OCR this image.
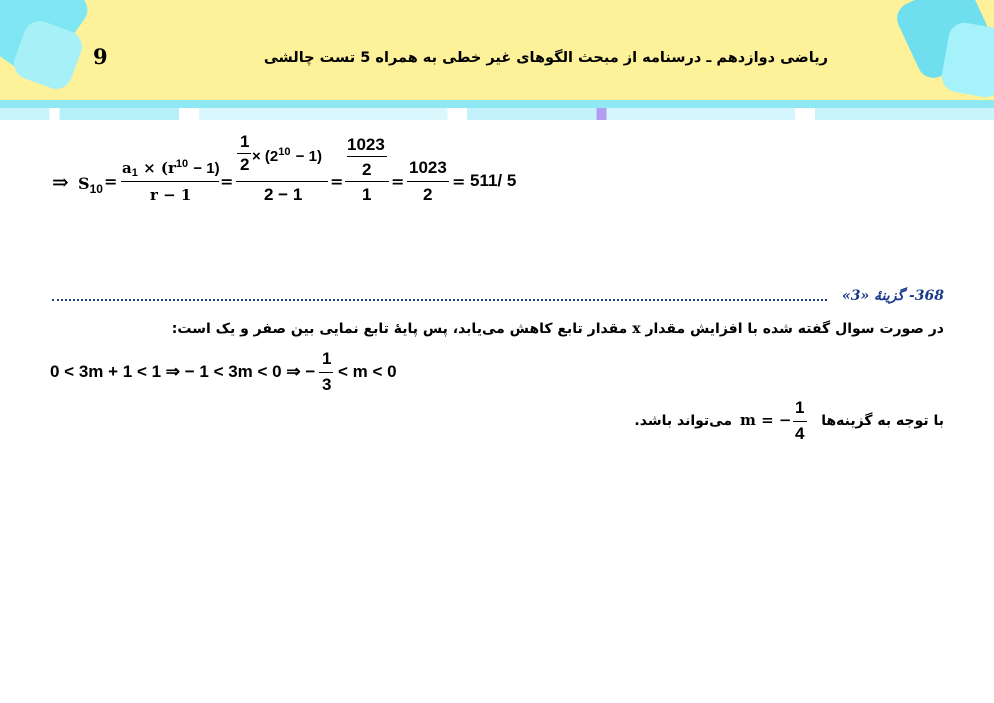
9	ریاضی دوازدهم ـ درسنامه از مبحث الگوهای غیر خطی به همراه 5 تست چالشی
⇒ $S_{10}$ =
$a_1 \times (r^{10} - 1)$
r − 1
=
1
$2 \times (2^{10} - 1)$
2 − 1
=
1023
2
1
=
1023
2
= 511/ 5
368- گزینهٔ «3»
در صورت سوال گفته شده با افزایش مقدار x مقدار تابع کاهش می‌یابد، پس پایهٔ تابع نمایی بین صفر و یک است:
0 < 3m + 1 < 1 ⇒ − 1 < 3m < 0 ⇒ −
1
3
< m < 0
با توجه به گزینه‌ها
1
4
m = −
می‌تواند باشد.
